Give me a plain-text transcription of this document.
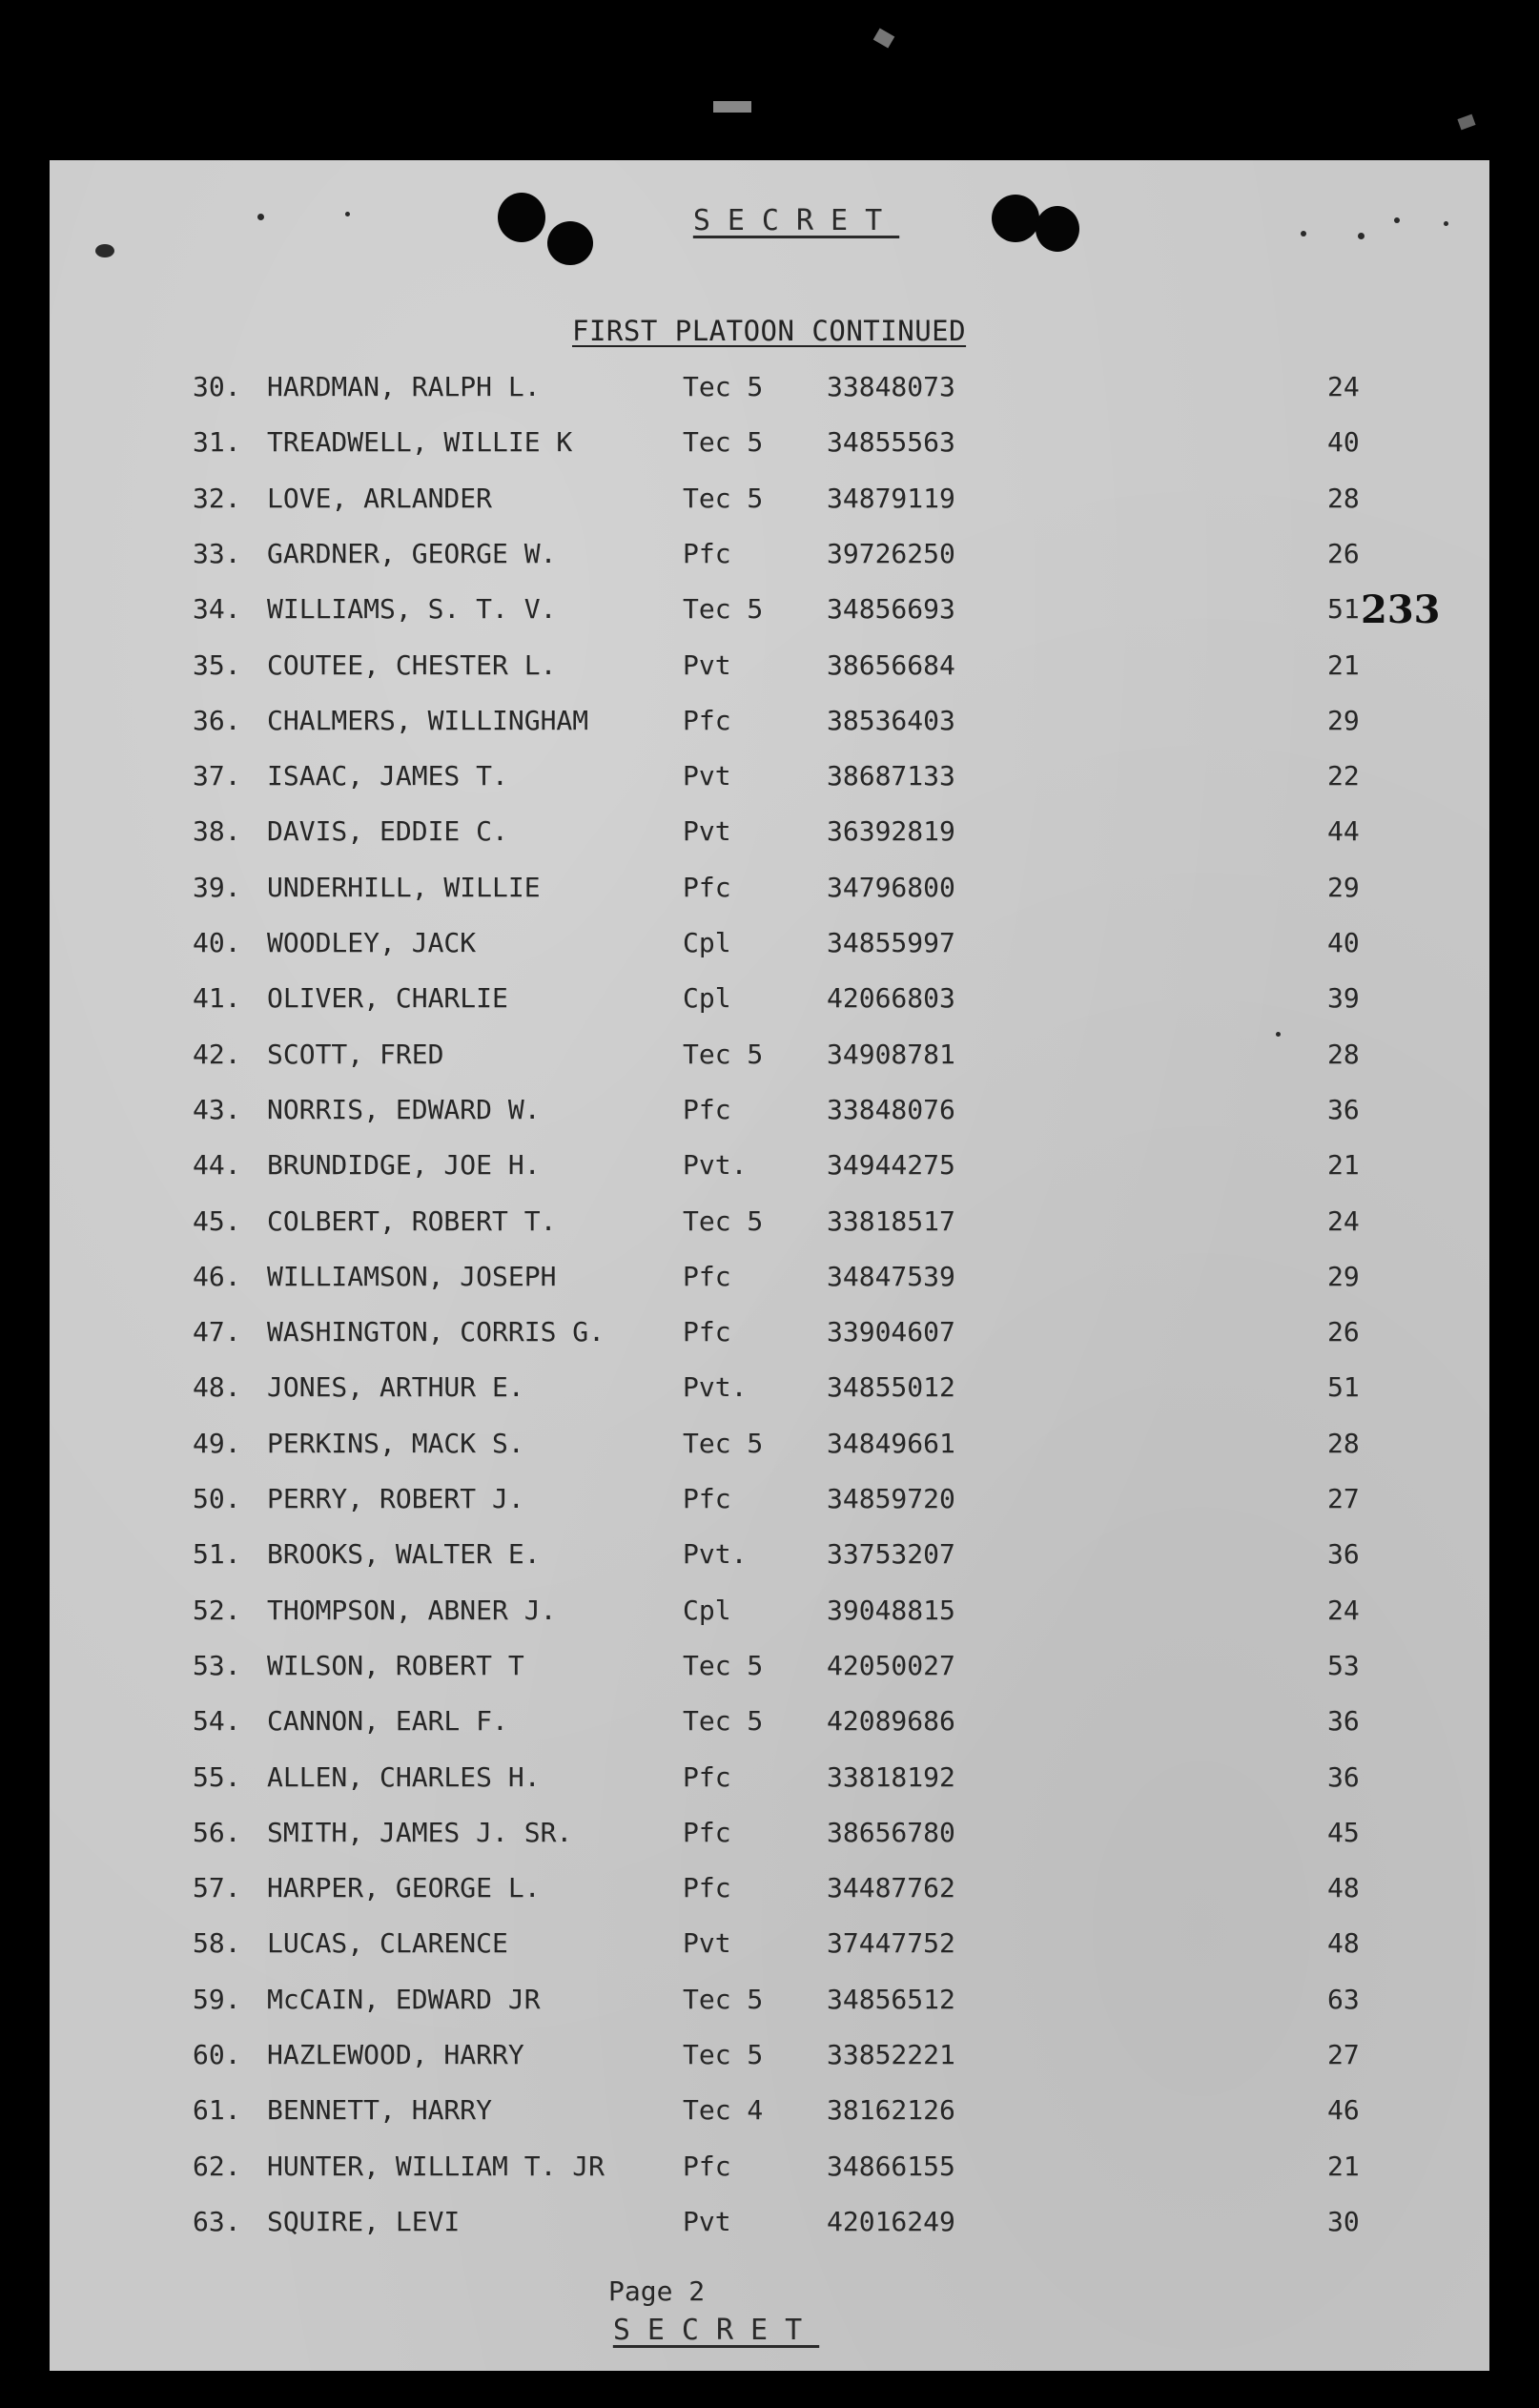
SECRET
FIRST PLATOON CONTINUED
233
30. HARDMAN, RALPH L.	Tec 5 33848073	24
31. TREADWELL, WILLIE K	Tec 5 34855563	40
32. LOVE, ARLANDER	Tec 5 34879119	28
33. GARDNER, GEORGE W.	Pfc	39726250	26
34. WILLIAMS, S. T. V.	Tec 5 34856693	51
35. COUTEE, CHESTER L.	Pvt	38656684	21
36. CHALMERS, WILLINGHAM	Pfc	38536403	29
37. ISAAC, JAMES T.	Pvt	38687133	22
38. DAVIS, EDDIE C.	Pvt	36392819	44
39. UNDERHILL, WILLIE	Pfc	34796800	29
40. WOODLEY, JACK	Cpl	34855997	40
41. OLIVER, CHARLIE	Cpl	42066803	39
42. SCOTT, FRED	Tec 5 34908781	28
43. NORRIS, EDWARD W.	Pfc	33848076	36
44. BRUNDIDGE, JOE H.	Pvt.	34944275	21
45. COLBERT, ROBERT T.	Tec 5 33818517	24
46. WILLIAMSON, JOSEPH	Pfc	34847539	29
47. WASHINGTON, CORRIS G.	Pfc	33904607	26
48. JONES, ARTHUR E.	Pvt.	34855012	51
49. PERKINS, MACK S.	Tec 5 34849661	28
50. PERRY, ROBERT J.	Pfc	34859720	27
51. BROOKS, WALTER E.	Pvt.	33753207	36
52. THOMPSON, ABNER J.	Cpl	39048815	24
53. WILSON, ROBERT T	Tec 5 42050027	53
54. CANNON, EARL F.	Tec 5 42089686	36
55. ALLEN, CHARLES H.	Pfc	33818192	36
56. SMITH, JAMES J. SR.	Pfc	38656780	45
57. HARPER, GEORGE L.	Pfc	34487762	48
58. LUCAS, CLARENCE	Pvt	37447752	48
59. McCAIN, EDWARD JR	Tec 5 34856512	63
60. HAZLEWOOD, HARRY	Tec 5 33852221	27
61. BENNETT, HARRY	Tec 4 38162126	46
62. HUNTER, WILLIAM T. JR	Pfc	34866155	21
63. SQUIRE, LEVI	Pvt	42016249	30
Page 2
SECRET
